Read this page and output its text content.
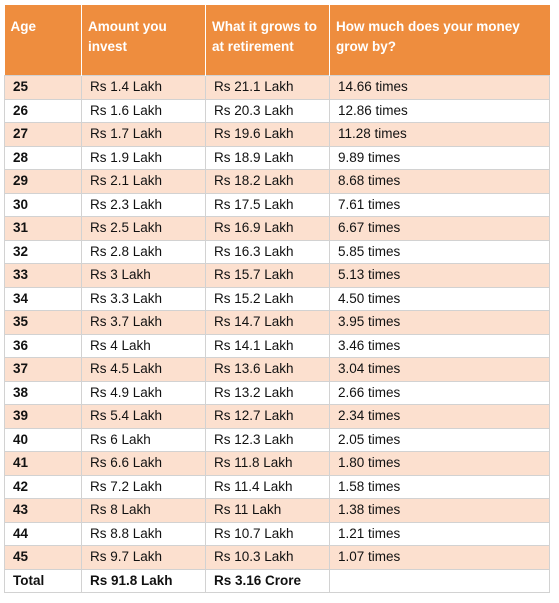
Age	Amount you invest	What it grows to at retirement	How much does your money grow by?
25	Rs 1.4 Lakh	Rs 21.1 Lakh	14.66 times
26	Rs 1.6 Lakh	Rs 20.3 Lakh	12.86 times
27	Rs 1.7 Lakh	Rs 19.6 Lakh	11.28 times
28	Rs 1.9 Lakh	Rs 18.9 Lakh	9.89 times
29	Rs 2.1 Lakh	Rs 18.2 Lakh	8.68 times
30	Rs 2.3 Lakh	Rs 17.5 Lakh	7.61 times
31	Rs 2.5 Lakh	Rs 16.9 Lakh	6.67 times
32	Rs 2.8 Lakh	Rs 16.3 Lakh	5.85 times
33	Rs 3 Lakh	Rs 15.7 Lakh	5.13 times
34	Rs 3.3 Lakh	Rs 15.2 Lakh	4.50 times
35	Rs 3.7 Lakh	Rs 14.7 Lakh	3.95 times
36	Rs 4 Lakh	Rs 14.1 Lakh	3.46 times
37	Rs 4.5 Lakh	Rs 13.6 Lakh	3.04 times
38	Rs 4.9 Lakh	Rs 13.2 Lakh	2.66 times
39	Rs 5.4 Lakh	Rs 12.7 Lakh	2.34 times
40	Rs 6 Lakh	Rs 12.3 Lakh	2.05 times
41	Rs 6.6 Lakh	Rs 11.8 Lakh	1.80 times
42	Rs 7.2 Lakh	Rs 11.4 Lakh	1.58 times
43	Rs 8 Lakh	Rs 11 Lakh	1.38 times
44	Rs 8.8 Lakh	Rs 10.7 Lakh	1.21 times
45	Rs 9.7 Lakh	Rs 10.3 Lakh	1.07 times
Total	Rs 91.8 Lakh	Rs 3.16 Crore	
